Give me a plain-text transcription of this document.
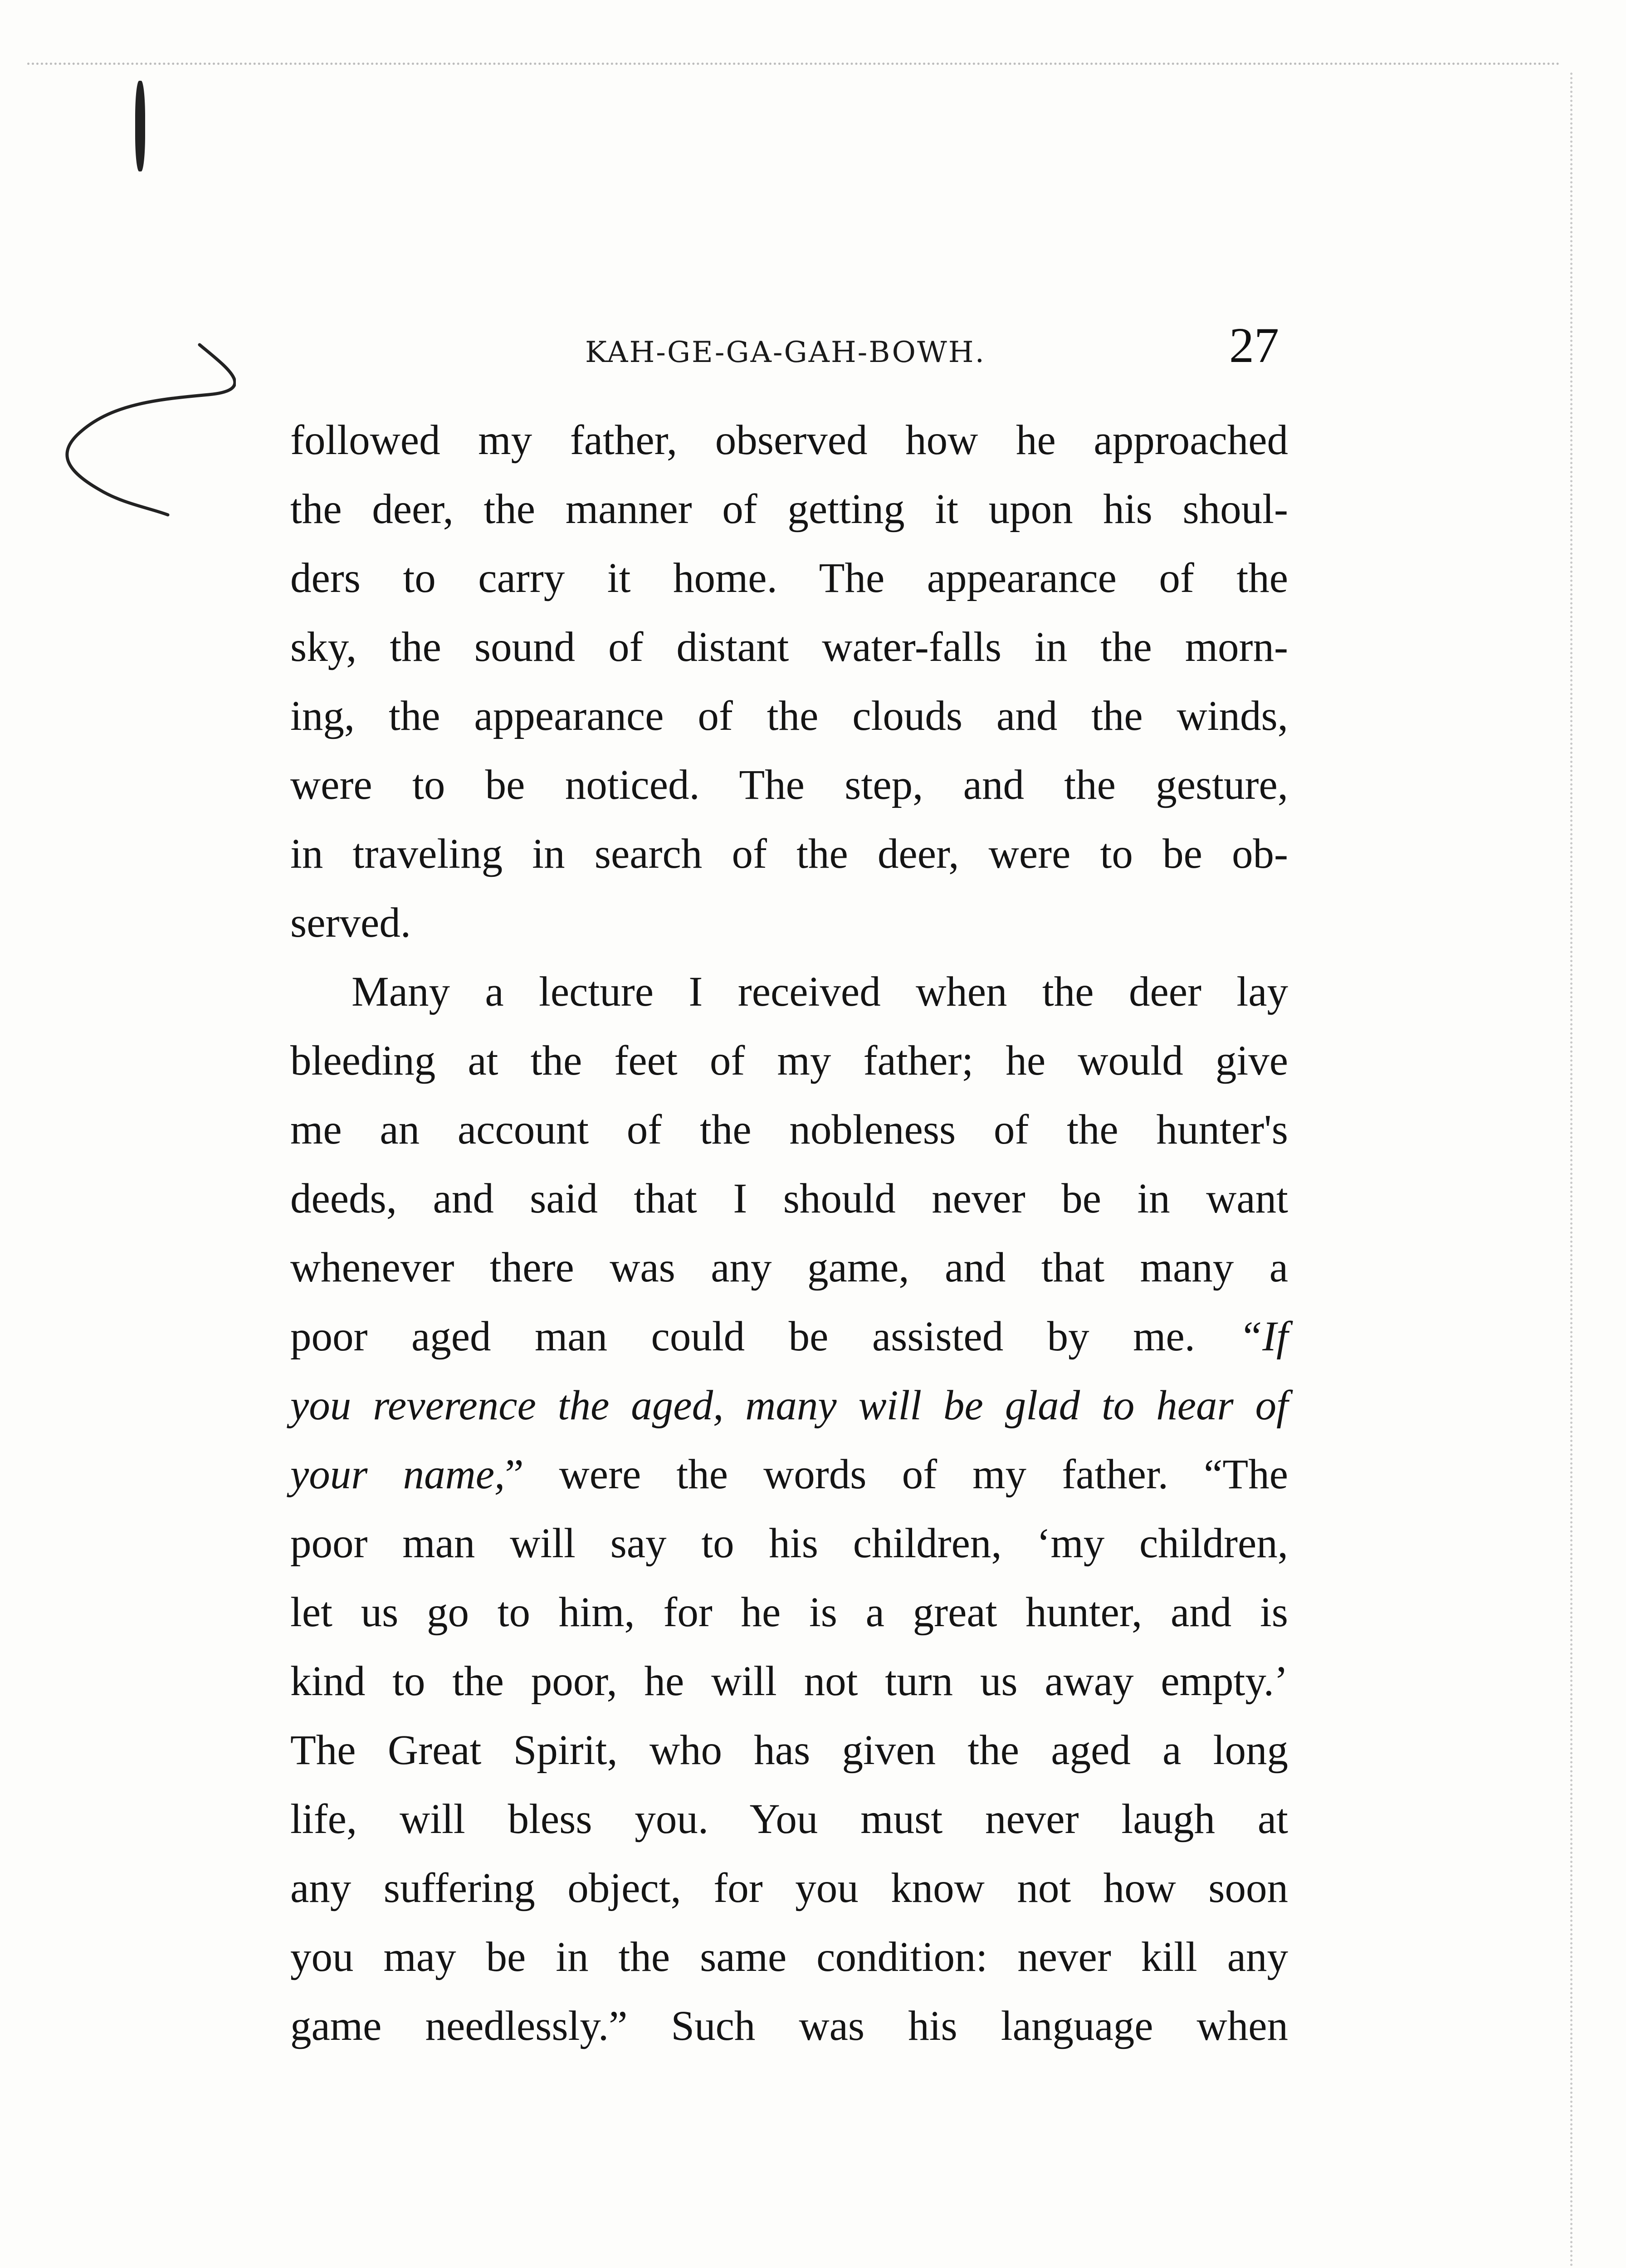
KAH-GE-GA-GAH-BOWH.	27
followed my father, observed how he approached
the deer, the manner of getting it upon his shoul-
ders to carry it home. The appearance of the
sky, the sound of distant water-falls in the morn-
ing, the appearance of the clouds and the winds,
were to be noticed. The step, and the gesture,
in traveling in search of the deer, were to be ob-
served.
Many a lecture I received when the deer lay
bleeding at the feet of my father; he would give
me an account of the nobleness of the hunter's
deeds, and said that I should never be in want
whenever there was any game, and that many a
poor aged man could be assisted by me. “If
you reverence the aged, many will be glad to hear of
your name,” were the words of my father. “The
poor man will say to his children, ‘my children,
let us go to him, for he is a great hunter, and is
kind to the poor, he will not turn us away empty.’
The Great Spirit, who has given the aged a long
life, will bless you. You must never laugh at
any suffering object, for you know not how soon
you may be in the same condition: never kill any
game needlessly.” Such was his language when
